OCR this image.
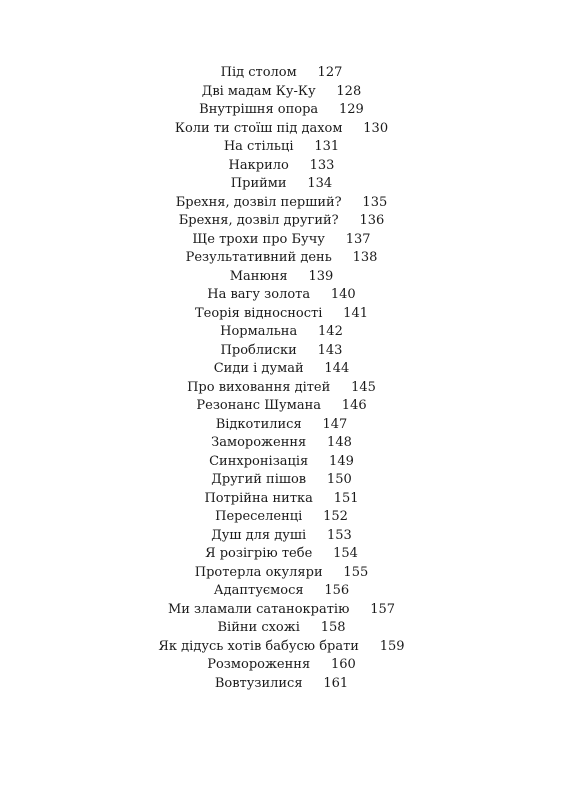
Під столом 127
Дві мадам Ку-Ку 128
Внутрішня опора 129
Коли ти стоїш під дахом 130
На стільці 131
Накрило 133
Прийми 134
Брехня, дозвіл перший? 135
Брехня, дозвіл другий? 136
Ще трохи про Бучу 137
Результативний день 138
Манюня 139
На вагу золота 140
Теорія відносності 141
Нормальна 142
Проблиски 143
Сиди і думай 144
Про виховання дітей 145
Резонанс Шумана 146
Відкотилися 147
Замороження 148
Синхронізація 149
Другий пішов 150
Потрійна нитка 151
Переселенці 152
Душ для душі 153
Я розігрію тебе 154
Протерла окуляри 155
Адаптуємося 156
Ми зламали сатанократію 157
Війни схожі 158
Як дідусь хотів бабусю брати 159
Розмороження 160
Вовтузилися 161
